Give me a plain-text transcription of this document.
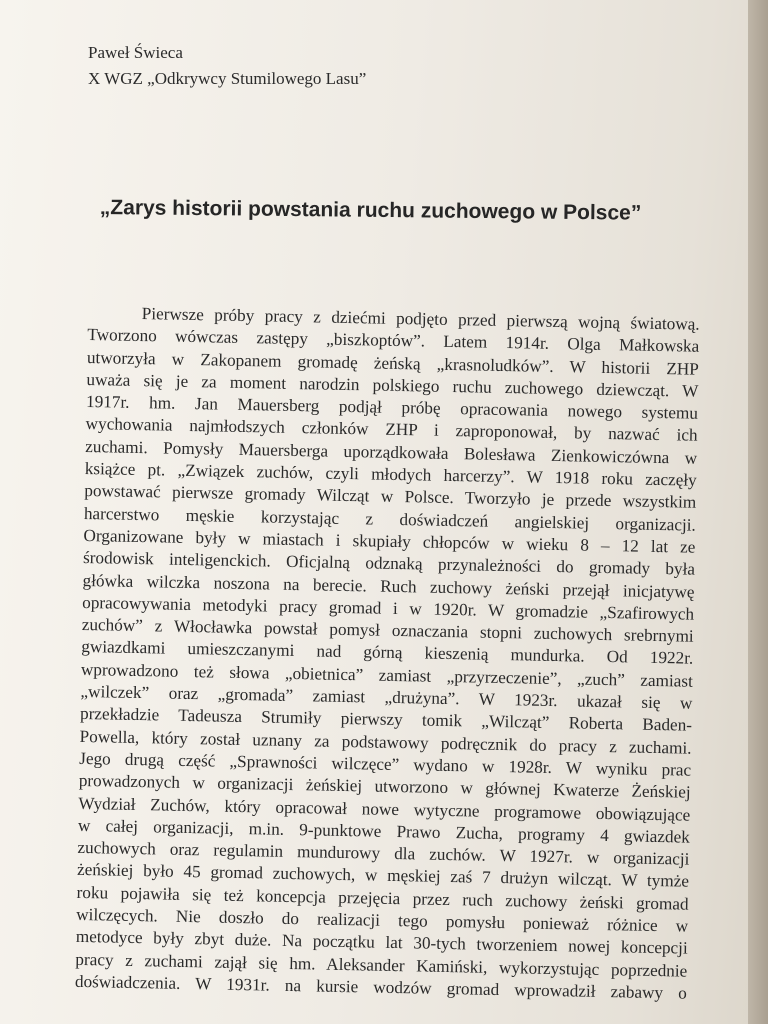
Paweł Świeca
X WGZ „Odkrywcy Stumilowego Lasu”
„Zarys historii powstania ruchu zuchowego w Polsce”
Pierwsze próby pracy z dziećmi podjęto przed pierwszą wojną światową.
Tworzono wówczas zastępy „biszkoptów”. Latem 1914r. Olga Małkowska
utworzyła w Zakopanem gromadę żeńską „krasnoludków”. W historii ZHP
uważa się je za moment narodzin polskiego ruchu zuchowego dziewcząt. W
1917r. hm. Jan Mauersberg podjął próbę opracowania nowego systemu
wychowania najmłodszych członków ZHP i zaproponował, by nazwać ich
zuchami. Pomysły Mauersberga uporządkowała Bolesława Zienkowiczówna w
książce pt. „Związek zuchów, czyli młodych harcerzy”. W 1918 roku zaczęły
powstawać pierwsze gromady Wilcząt w Polsce. Tworzyło je przede wszystkim
harcerstwo męskie korzystając z doświadczeń angielskiej organizacji.
Organizowane były w miastach i skupiały chłopców w wieku 8 – 12 lat ze
środowisk inteligenckich. Oficjalną odznaką przynależności do gromady była
główka wilczka noszona na berecie. Ruch zuchowy żeński przejął inicjatywę
opracowywania metodyki pracy gromad i w 1920r. W gromadzie „Szafirowych
zuchów” z Włocławka powstał pomysł oznaczania stopni zuchowych srebrnymi
gwiazdkami umieszczanymi nad górną kieszenią mundurka. Od 1922r.
wprowadzono też słowa „obietnica” zamiast „przyrzeczenie”, „zuch” zamiast
„wilczek” oraz „gromada” zamiast „drużyna”. W 1923r. ukazał się w
przekładzie Tadeusza Strumiły pierwszy tomik „Wilcząt” Roberta Baden-
Powella, który został uznany za podstawowy podręcznik do pracy z zuchami.
Jego drugą część „Sprawności wilczęce” wydano w 1928r. W wyniku prac
prowadzonych w organizacji żeńskiej utworzono w głównej Kwaterze Żeńskiej
Wydział Zuchów, który opracował nowe wytyczne programowe obowiązujące
w całej organizacji, m.in. 9-punktowe Prawo Zucha, programy 4 gwiazdek
zuchowych oraz regulamin mundurowy dla zuchów. W 1927r. w organizacji
żeńskiej było 45 gromad zuchowych, w męskiej zaś 7 drużyn wilcząt. W tymże
roku pojawiła się też koncepcja przejęcia przez ruch zuchowy żeński gromad
wilczęcych. Nie doszło do realizacji tego pomysłu ponieważ różnice w
metodyce były zbyt duże. Na początku lat 30-tych tworzeniem nowej koncepcji
pracy z zuchami zajął się hm. Aleksander Kamiński, wykorzystując poprzednie
doświadczenia. W 1931r. na kursie wodzów gromad wprowadził zabawy o
